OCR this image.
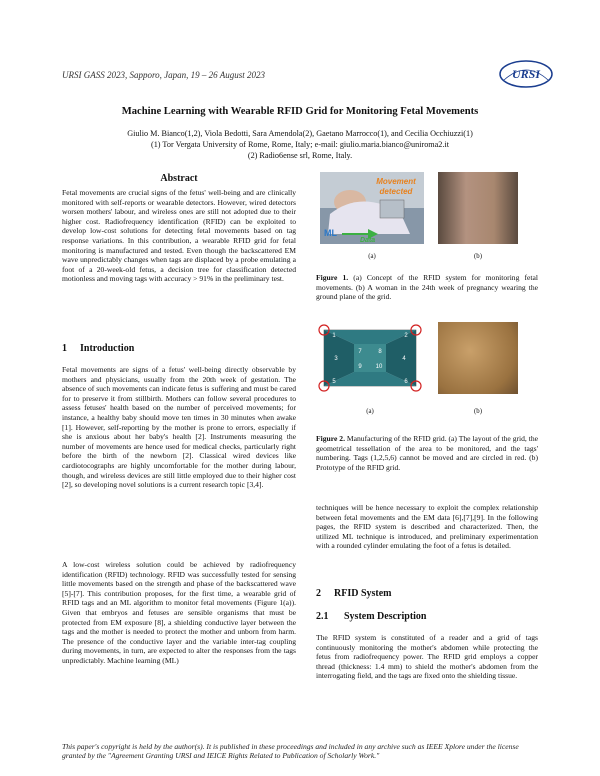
URSI GASS 2023, Sapporo, Japan, 19 – 26 August 2023	URSI
Machine Learning with Wearable RFID Grid for Monitoring Fetal Movements
Giulio M. Bianco(1,2), Viola Bedotti, Sara Amendola(2), Gaetano Marrocco(1), and Cecilia Occhiuzzi(1)
(1) Tor Vergata University of Rome, Rome, Italy; e-mail: giulio.maria.bianco@uniroma2.it
(2) Radio6ense srl, Rome, Italy.
Abstract

Fetal movements are crucial signs of the fetus' well-being and are clinically monitored with self-reports or wearable detectors. However, wired detectors worsen mothers' labour, and wireless ones are still not adopted due to their higher cost. Radiofrequency identification (RFID) can be exploited to develop low-cost solutions for detecting fetal movements based on tag response variations. In this contribution, a wearable RFID grid for fetal monitoring is manufactured and tested. Even though the backscattered EM wave unpredictably changes when tags are displaced by a probe emulating a foot of a 20-week-old fetus, a decision tree for classification detected motionless and moving tags with accuracy > 91% in the preliminary test.

1 Introduction

Fetal movements are signs of a fetus' well-being directly observable by mothers and physicians, usually from the 20th week of gestation. The absence of such movements can indicate fetus is suffering and must be cared for to preserve it from stillbirth. Mothers can follow several procedures to assess fetuses' health based on the number of perceived movements; for instance, a healthy baby should move ten times in 30 minutes when awake [1]. However, self-reporting by the mother is prone to errors, especially if she is anxious about her baby's health [2]. Instruments measuring the number of movements are hence used for medical checks, particularly right before the birth of the newborn [2]. Classical wired devices like cardiotocographs are highly uncomfortable for the mother during labour, though, and wireless devices are still little employed due to their higher cost [2], so developing novel solutions is a current research topic [3,4].

A low-cost wireless solution could be achieved by radiofrequency identification (RFID) technology. RFID was successfully tested for sensing little movements based on the strength and phase of the backscattered wave [5]-[7]. This contribution proposes, for the first time, a wearable grid of RFID tags and an ML algorithm to monitor fetal movements (Figure 1(a)). Given that embryos and fetuses are sensible organisms that must be protected from EM exposure [8], a shielding conductive layer between the tags and the mother is needed to protect the mother and unborn from harm. The presence of the conductive layer and the variable inter-tag coupling during movements, in turn, are expected to alter the responses from the tags unpredictably. Machine learning (ML)

Movement
detected
ML
Data
(a)	(b)
Figure 1. (a) Concept of the RFID system for monitoring fetal movements. (b) A woman in the 24th week of pregnancy wearing the ground plane of the grid.
1	2
3	4
5	6
7	8
9 10
(a)	(b)
Figure 2. Manufacturing of the RFID grid. (a) The layout of the grid, the geometrical tessellation of the area to be monitored, and the tags' numbering. Tags (1,2,5,6) cannot be moved and are circled in red. (b) Prototype of the RFID grid.

techniques will be hence necessary to exploit the complex relationship between fetal movements and the EM data [6],[7],[9]. In the following pages, the RFID system is described and characterized. Then, the utilized ML technique is introduced, and preliminary experimentation with a rounded cylinder emulating the foot of a fetus is detailed.

2 RFID System
2.1 System Description

The RFID system is constituted of a reader and a grid of tags continuously monitoring the mother's abdomen while protecting the fetus from radiofrequency power. The RFID grid employs a copper thread (thickness: 1.4 mm) to shield the mother's abdomen from the interrogating field, and the tags are fixed onto the shielding tissue.

This paper's copyright is held by the author(s). It is published in these proceedings and included in any archive such as IEEE Xplore under the license granted by the "Agreement Granting URSI and IEICE Rights Related to Publication of Scholarly Work."
